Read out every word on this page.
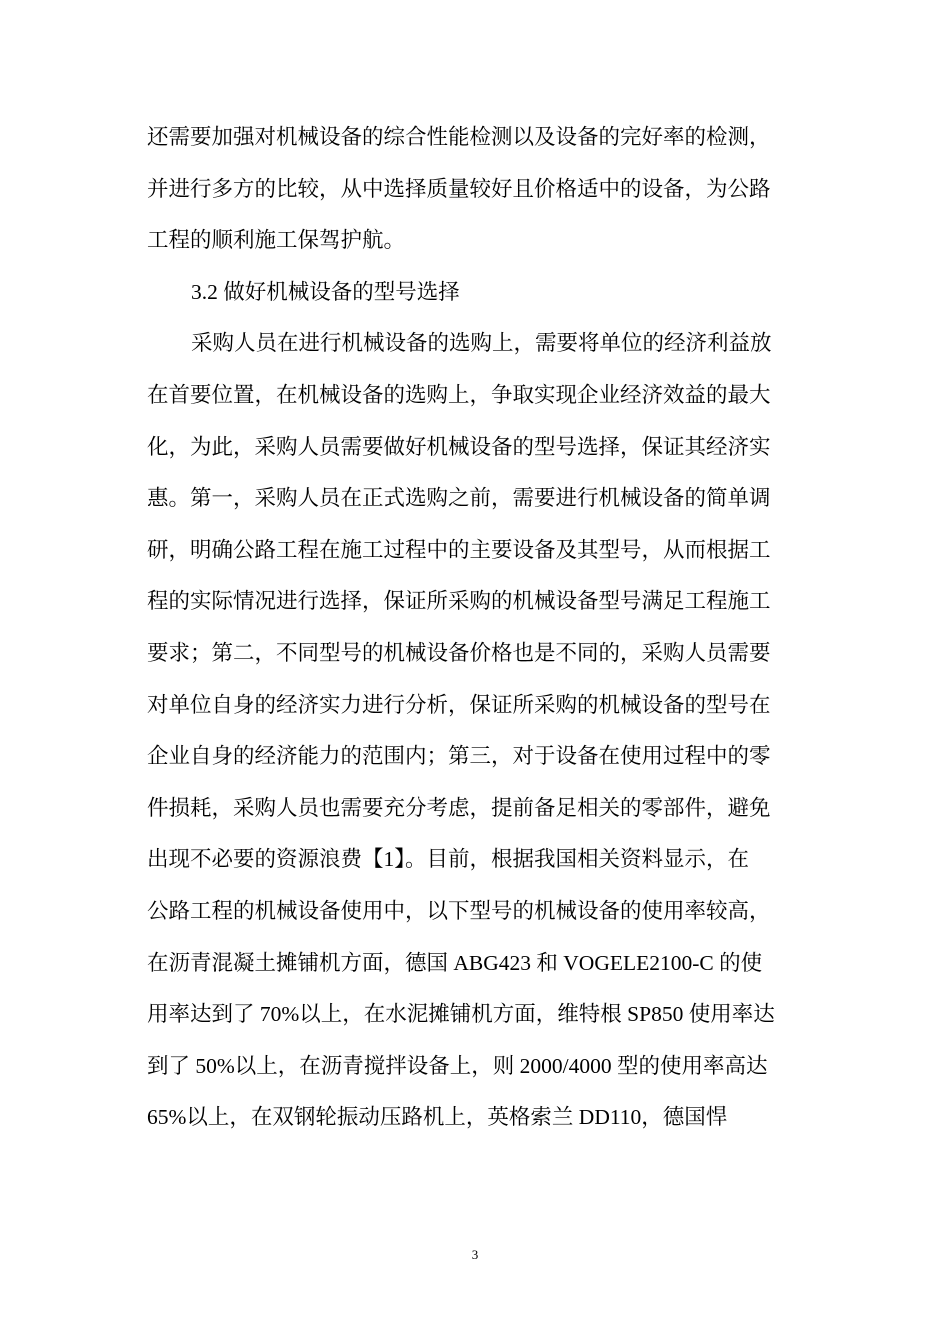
还需要加强对机械设备的综合性能检测以及设备的完好率的检测，
并进行多方的比较，从中选择质量较好且价格适中的设备，为公路
工程的顺利施工保驾护航。
3.2 做好机械设备的型号选择
采购人员在进行机械设备的选购上，需要将单位的经济利益放
在首要位置，在机械设备的选购上，争取实现企业经济效益的最大
化，为此，采购人员需要做好机械设备的型号选择，保证其经济实
惠。第一，采购人员在正式选购之前，需要进行机械设备的简单调
研，明确公路工程在施工过程中的主要设备及其型号，从而根据工
程的实际情况进行选择，保证所采购的机械设备型号满足工程施工
要求；第二，不同型号的机械设备价格也是不同的，采购人员需要
对单位自身的经济实力进行分析，保证所采购的机械设备的型号在
企业自身的经济能力的范围内；第三，对于设备在使用过程中的零
件损耗，采购人员也需要充分考虑，提前备足相关的零部件，避免
出现不必要的资源浪费【1】。目前，根据我国相关资料显示，在
公路工程的机械设备使用中，以下型号的机械设备的使用率较高，
在沥青混凝土摊铺机方面，德国 ABG423 和 VOGELE2100-C 的使
用率达到了 70%以上，在水泥摊铺机方面，维特根 SP850 使用率达
到了 50%以上，在沥青搅拌设备上，则 2000/4000 型的使用率高达
65%以上，在双钢轮振动压路机上，英格索兰 DD110，德国悍
3
